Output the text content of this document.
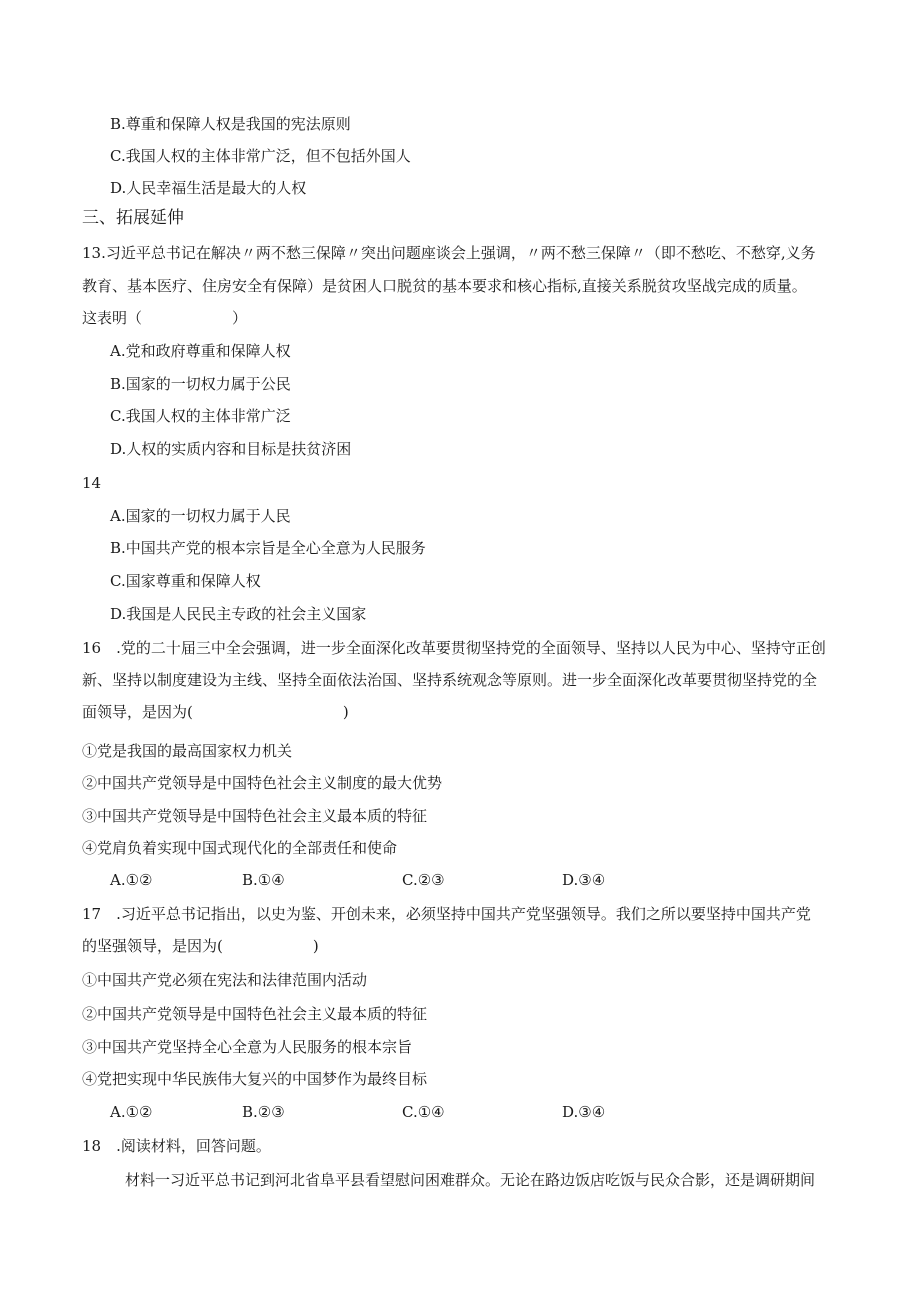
B.尊重和保障人权是我国的宪法原则
C.我国人权的主体非常广泛，但不包括外国人
D.人民幸福生活是最大的人权
三、拓展延伸
13.习近平总书记在解决〃两不愁三保障〃突出问题座谈会上强调，〃两不愁三保障〃（即不愁吃、不愁穿,义务
教育、基本医疗、住房安全有保障）是贫困人口脱贫的基本要求和核心指标,直接关系脱贫攻坚战完成的质量。
这表明（　　　　　　）
A.党和政府尊重和保障人权
B.国家的一切权力属于公民
C.我国人权的主体非常广泛
D.人权的实质内容和目标是扶贫济困
14
A.国家的一切权力属于人民
B.中国共产党的根本宗旨是全心全意为人民服务
C.国家尊重和保障人权
D.我国是人民民主专政的社会主义国家
16　.党的二十届三中全会强调，进一步全面深化改革要贯彻坚持党的全面领导、坚持以人民为中心、坚持守正创
新、坚持以制度建设为主线、坚持全面依法治国、坚持系统观念等原则。进一步全面深化改革要贯彻坚持党的全
面领导，是因为(　　　　　　　　　　)
①党是我国的最高国家权力机关
②中国共产党领导是中国特色社会主义制度的最大优势
③中国共产党领导是中国特色社会主义最本质的特征
④党肩负着实现中国式现代化的全部责任和使命
A.①②	B.①④	C.②③	D.③④
17　.习近平总书记指出，以史为鉴、开创未来，必须坚持中国共产党坚强领导。我们之所以要坚持中国共产党
的坚强领导，是因为(　　　　　　)
①中国共产党必须在宪法和法律范围内活动
②中国共产党领导是中国特色社会主义最本质的特征
③中国共产党坚持全心全意为人民服务的根本宗旨
④党把实现中华民族伟大复兴的中国梦作为最终目标
A.①②	B.②③	C.①④	D.③④
18　.阅读材料，回答问题。
材料一习近平总书记到河北省阜平县看望慰问困难群众。无论在路边饭店吃饭与民众合影，还是调研期间
